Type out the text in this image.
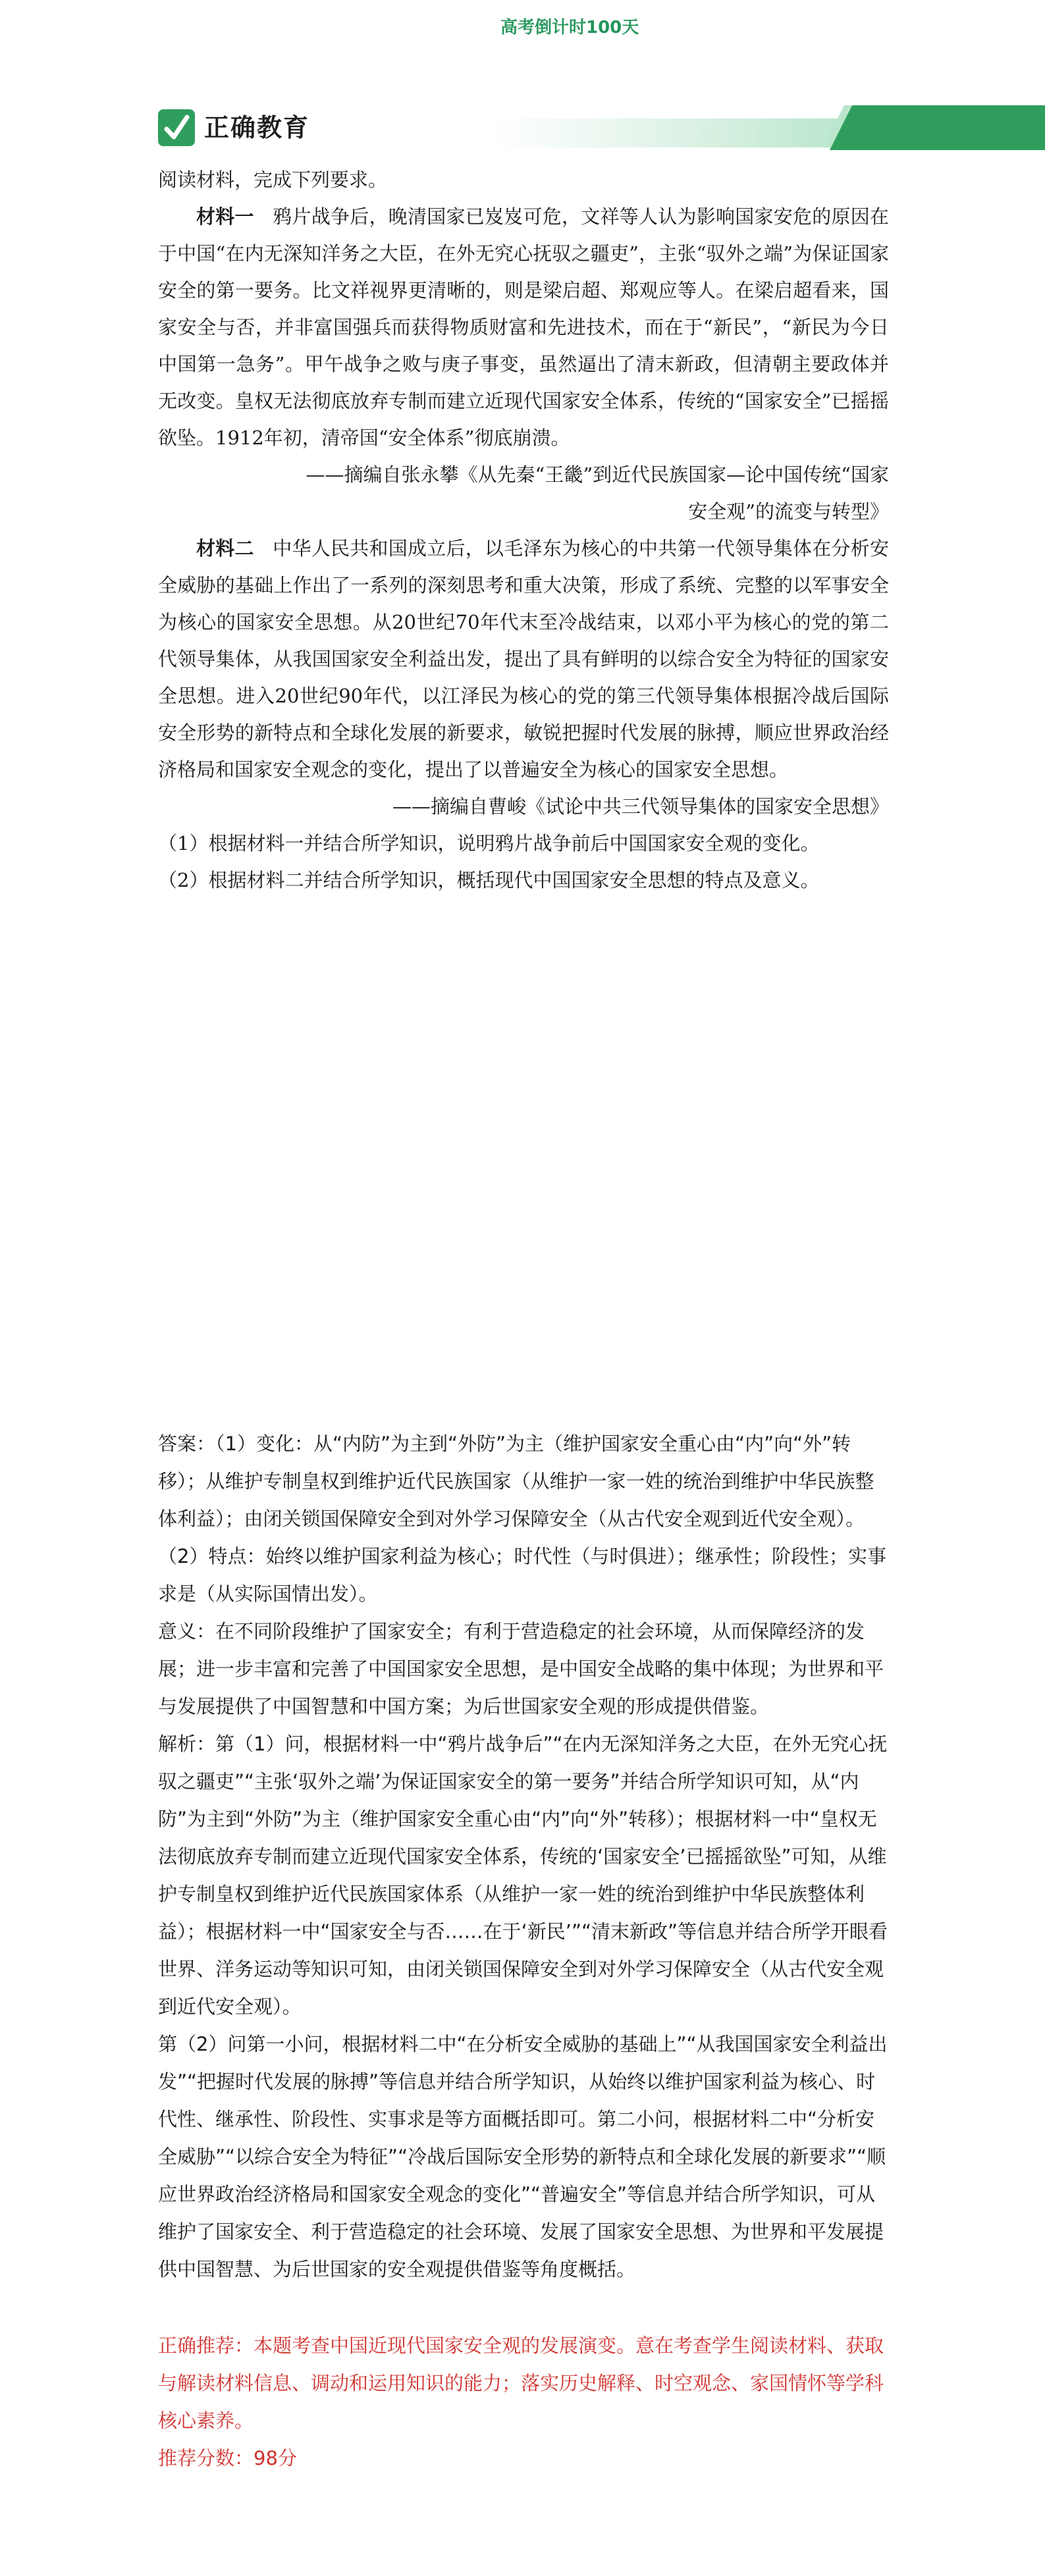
正确教育
高考倒计时100天	每日一题

阅读材料，完成下列要求。

材料一 鸦片战争后，晚清国家已岌岌可危，文祥等人认为影响国家安危的原因在于中国“在内无深知洋务之大臣，在外无究心抚驭之疆吏”，主张“驭外之端”为保证国家安全的第一要务。比文祥视界更清晰的，则是梁启超、郑观应等人。在梁启超看来，国家安全与否，并非富国强兵而获得物质财富和先进技术，而在于“新民”，“新民为今日中国第一急务”。甲午战争之败与庚子事变，虽然逼出了清末新政，但清朝主要政体并无改变。皇权无法彻底放弃专制而建立近现代国家安全体系，传统的“国家安全”已摇摇欲坠。1912年初，清帝国“安全体系”彻底崩溃。

——摘编自张永攀《从先秦“王畿”到近代民族国家—论中国传统“国家

安全观”的流变与转型》

材料二 中华人民共和国成立后，以毛泽东为核心的中共第一代领导集体在分析安全威胁的基础上作出了一系列的深刻思考和重大决策，形成了系统、完整的以军事安全为核心的国家安全思想。从20世纪70年代末至冷战结束，以邓小平为核心的党的第二代领导集体，从我国国家安全利益出发，提出了具有鲜明的以综合安全为特征的国家安全思想。进入20世纪90年代，以江泽民为核心的党的第三代领导集体根据冷战后国际安全形势的新特点和全球化发展的新要求，敏锐把握时代发展的脉搏，顺应世界政治经济格局和国家安全观念的变化，提出了以普遍安全为核心的国家安全思想。

——摘编自曹峻《试论中共三代领导集体的国家安全思想》

（1）根据材料一并结合所学知识，说明鸦片战争前后中国国家安全观的变化。

（2）根据材料二并结合所学知识，概括现代中国国家安全思想的特点及意义。

答案：（1）变化：从“内防”为主到“外防”为主（维护国家安全重心由“内”向“外”转移）；从维护专制皇权到维护近代民族国家（从维护一家一姓的统治到维护中华民族整体利益）；由闭关锁国保障安全到对外学习保障安全（从古代安全观到近代安全观）。

（2）特点：始终以维护国家利益为核心；时代性（与时俱进）；继承性；阶段性；实事求是（从实际国情出发）。

意义：在不同阶段维护了国家安全；有利于营造稳定的社会环境，从而保障经济的发展；进一步丰富和完善了中国国家安全思想，是中国安全战略的集中体现；为世界和平与发展提供了中国智慧和中国方案；为后世国家安全观的形成提供借鉴。

解析：第（1）问，根据材料一中“鸦片战争后”“在内无深知洋务之大臣，在外无究心抚驭之疆吏”“主张‘驭外之端’为保证国家安全的第一要务”并结合所学知识可知，从“内防”为主到“外防”为主（维护国家安全重心由“内”向“外”转移）；根据材料一中“皇权无法彻底放弃专制而建立近现代国家安全体系，传统的‘国家安全’已摇摇欲坠”可知，从维护专制皇权到维护近代民族国家体系（从维护一家一姓的统治到维护中华民族整体利益）；根据材料一中“国家安全与否……在于‘新民’”“清末新政”等信息并结合所学开眼看世界、洋务运动等知识可知，由闭关锁国保障安全到对外学习保障安全（从古代安全观到近代安全观）。

第（2）问第一小问，根据材料二中“在分析安全威胁的基础上”“从我国国家安全利益出发”“把握时代发展的脉搏”等信息并结合所学知识，从始终以维护国家利益为核心、时代性、继承性、阶段性、实事求是等方面概括即可。第二小问，根据材料二中“分析安全威胁”“以综合安全为特征”“冷战后国际安全形势的新特点和全球化发展的新要求”“顺应世界政治经济格局和国家安全观念的变化”“普遍安全”等信息并结合所学知识，可从维护了国家安全、利于营造稳定的社会环境、发展了国家安全思想、为世界和平发展提供中国智慧、为后世国家的安全观提供借鉴等角度概括。

正确推荐：本题考查中国近现代国家安全观的发展演变。意在考查学生阅读材料、获取与解读材料信息、调动和运用知识的能力；落实历史解释、时空观念、家国情怀等学科核心素养。

推荐分数：98分
